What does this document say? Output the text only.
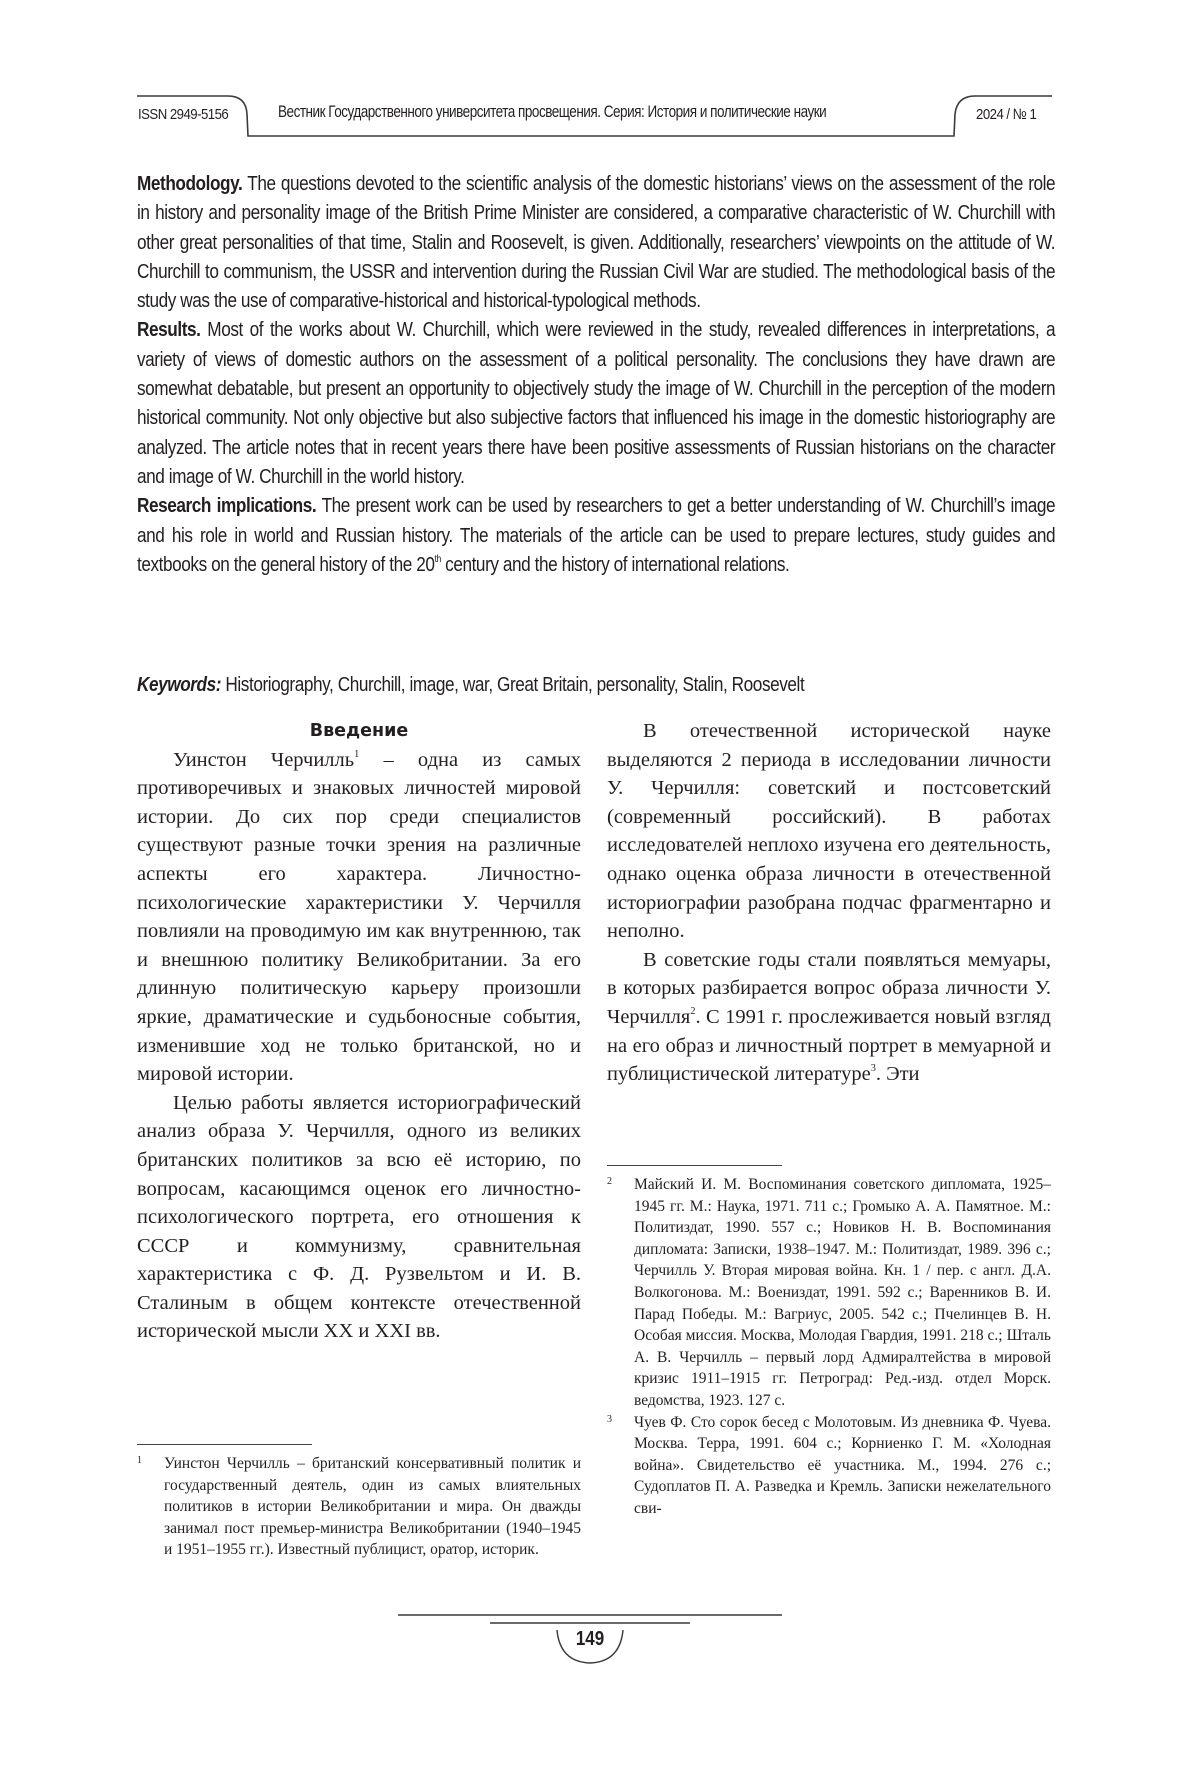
ISSN 2949-5156	Вестник Государственного университета просвещения. Серия: История и политические науки	2024 / № 1

Methodology. The questions devoted to the scientific analysis of the domestic historians’ views on the assessment of the role in history and personality image of the British Prime Minister are considered, a comparative characteristic of W. Churchill with other great personalities of that time, Stalin and Roosevelt, is given. Additionally, researchers’ viewpoints on the attitude of W. Churchill to communism, the USSR and intervention during the Russian Civil War are studied. The methodological basis of the study was the use of comparative-historical and historical-typological methods.

Results. Most of the works about W. Churchill, which were reviewed in the study, revealed differences in interpretations, a variety of views of domestic authors on the assessment of a political personality. The conclusions they have drawn are somewhat debatable, but present an opportunity to objectively study the image of W. Churchill in the perception of the modern historical community. Not only objective but also subjective factors that influenced his image in the domestic historiography are analyzed. The article notes that in recent years there have been positive assessments of Russian historians on the character and image of W. Churchill in the world history.

Research implications. The present work can be used by researchers to get a better understanding of W. Churchill’s image and his role in world and Russian history. The materials of the article can be used to prepare lectures, study guides and textbooks on the general history of the 20th century and the history of international relations.

Keywords: Historiography, Churchill, image, war, Great Britain, personality, Stalin, Roosevelt
Введение

Уинстон Черчилль$^1$ – одна из самых противоречивых и знаковых личностей мировой истории. До сих пор среди специалистов существуют разные точки зрения на различные аспекты его характера. Личностно-психологические характеристики У. Черчилля повлияли на проводимую им как внутреннюю, так и внешнюю политику Великобритании. За его длинную политическую карьеру произошли яркие, драматические и судьбоносные события, изменившие ход не только британской, но и мировой истории.

Целью работы является историографический анализ образа У. Черчилля, одного из великих британских политиков за всю её историю, по вопросам, касающимся оценок его личностно-психологического портрета, его отношения к СССР и коммунизму, сравнительная характеристика с Ф. Д. Рузвельтом и И. В. Сталиным в общем контексте отечественной исторической мысли XX и XXI вв.

В отечественной исторической науке выделяются 2 периода в исследовании личности У. Черчилля: советский и постсоветский (современный российский). В работах исследователей неплохо изучена его деятельность, однако оценка образа личности в отечественной историографии разобрана подчас фрагментарно и неполно.

В советские годы стали появляться мемуары, в которых разбирается вопрос образа личности У. Черчилля$^2$. С 1991 г. прослеживается новый взгляд на его образ и личностный портрет в мемуарной и публицистической литературе$^3$. Эти

1 Уинстон Черчилль – британский консервативный политик и государственный деятель, один из самых влиятельных политиков в истории Великобритании и мира. Он дважды занимал пост премьер-министра Великобритании (1940–1945 и 1951–1955 гг.). Известный публицист, оратор, историк.

2 Майский И. М. Воспоминания советского дипломата, 1925–1945 гг. М.: Наука, 1971. 711 с.; Громыко А. А. Памятное. М.: Политиздат, 1990. 557 с.; Новиков Н. В. Воспоминания дипломата: Записки, 1938–1947. М.: Политиздат, 1989. 396 с.; Черчилль У. Вторая мировая война. Кн. 1 / пер. с англ. Д.А. Волкогонова. М.: Воениздат, 1991. 592 с.; Варенников В. И. Парад Победы. М.: Вагриус, 2005. 542 с.; Пчелинцев В. Н. Особая миссия. Москва, Молодая Гвардия, 1991. 218 с.; Шталь А. В. Черчилль – первый лорд Адмиралтейства в мировой кризис 1911–1915 гг. Петроград: Ред.-изд. отдел Морск. ведомства, 1923. 127 с.

3 Чуев Ф. Сто сорок бесед с Молотовым. Из дневника Ф. Чуева. Москва. Терра, 1991. 604 с.; Корниенко Г. М. «Холодная война». Свидетельство её участника. М., 1994. 276 с.; Судоплатов П. А. Разведка и Кремль. Записки нежелательного сви-

149
